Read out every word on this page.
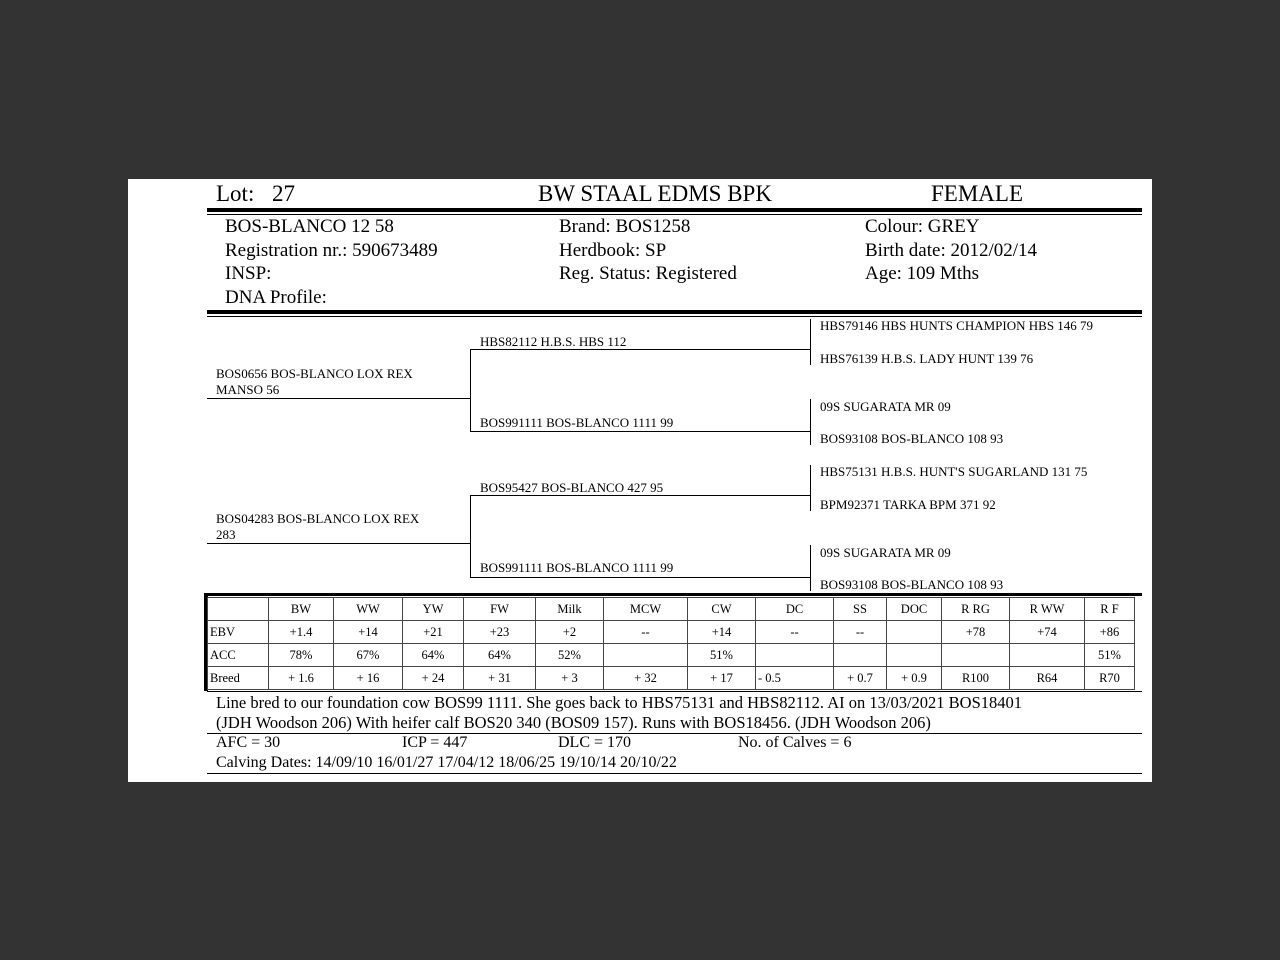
Lot: 27	BW STAAL EDMS BPK	FEMALE
BOS-BLANCO 12 58
Registration nr.: 590673489
INSP:
DNA Profile:
Brand: BOS1258
Herdbook: SP
Reg. Status: Registered
Colour: GREY
Birth date: 2012/02/14
Age: 109 Mths
BOS0656 BOS-BLANCO LOX REX
MANSO 56
BOS04283 BOS-BLANCO LOX REX
283
HBS82112 H.B.S. HBS 112
BOS991111 BOS-BLANCO 1111 99
BOS95427 BOS-BLANCO 427 95
BOS991111 BOS-BLANCO 1111 99
HBS79146 HBS HUNTS CHAMPION HBS 146 79
HBS76139 H.B.S. LADY HUNT 139 76
09S SUGARATA MR 09
BOS93108 BOS-BLANCO 108 93
HBS75131 H.B.S. HUNT'S SUGARLAND 131 75
BPM92371 TARKA BPM 371 92
09S SUGARATA MR 09
BOS93108 BOS-BLANCO 108 93
	BW	WW	YW	FW	Milk	MCW	CW	DC	SS	DOC	R RG	R WW	R F
EBV	+1.4	+14	+21	+23	+2	--	+14	--	--		+78	+74	+86
ACC	78%	67%	64%	64%	52%		51%						51%
Breed	+ 1.6	+ 16	+ 24	+ 31	+ 3	+ 32	+ 17	- 0.5	+ 0.7	+ 0.9	R100	R64	R70
Line bred to our foundation cow BOS99 1111. She goes back to HBS75131 and HBS82112. AI on 13/03/2021 BOS18401
(JDH Woodson 206) With heifer calf BOS20 340 (BOS09 157). Runs with BOS18456. (JDH Woodson 206)
AFC = 30	ICP = 447	DLC = 170	No. of Calves = 6
Calving Dates: 14/09/10 16/01/27 17/04/12 18/06/25 19/10/14 20/10/22
